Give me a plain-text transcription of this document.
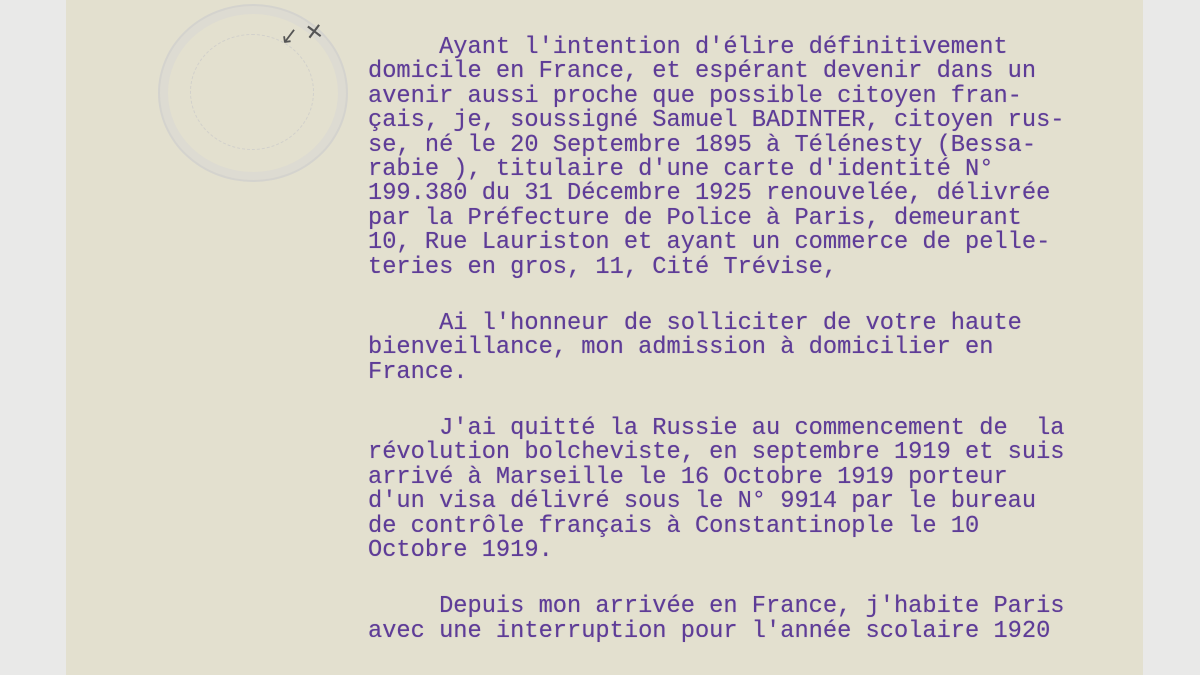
↙ ✕ Ayant l'intention d'élire définitivement
domicile en France, et espérant devenir dans un
avenir aussi proche que possible citoyen fran-
çais, je, soussigné Samuel BADINTER, citoyen rus-
se, né le 20 Septembre 1895 à Télénesty (Bessa-
rabie ), titulaire d'une carte d'identité N°
199.380 du 31 Décembre 1925 renouvelée, délivrée
par la Préfecture de Police à Paris, demeurant
10, Rue Lauriston et ayant un commerce de pelle-
teries en gros, 11, Cité Trévise,
Ai l'honneur de solliciter de votre haute
bienveillance, mon admission à domicilier en
France.
J'ai quitté la Russie au commencement de  la
révolution bolcheviste, en septembre 1919 et suis
arrivé à Marseille le 16 Octobre 1919 porteur
d'un visa délivré sous le N° 9914 par le bureau
de contrôle français à Constantinople le 10
Octobre 1919.
Depuis mon arrivée en France, j'habite Paris
avec une interruption pour l'année scolaire 1920
